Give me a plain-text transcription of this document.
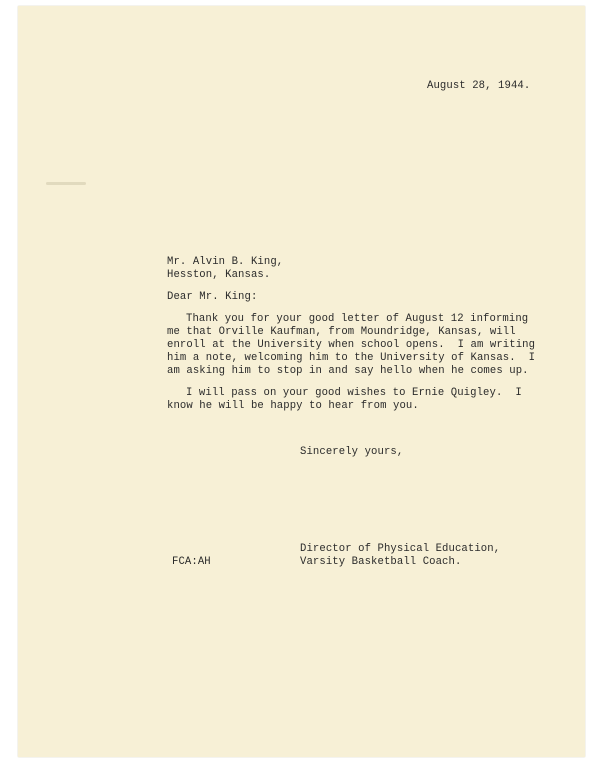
August 28, 1944.
Mr. Alvin B. King,
Hesston, Kansas.
Dear Mr. King:
Thank you for your good letter of August 12 informing
me that Orville Kaufman, from Moundridge, Kansas, will
enroll at the University when school opens.  I am writing
him a note, welcoming him to the University of Kansas.  I
am asking him to stop in and say hello when he comes up.
I will pass on your good wishes to Ernie Quigley.  I
know he will be happy to hear from you.
Sincerely yours,
Director of Physical Education,
Varsity Basketball Coach.
FCA:AH
